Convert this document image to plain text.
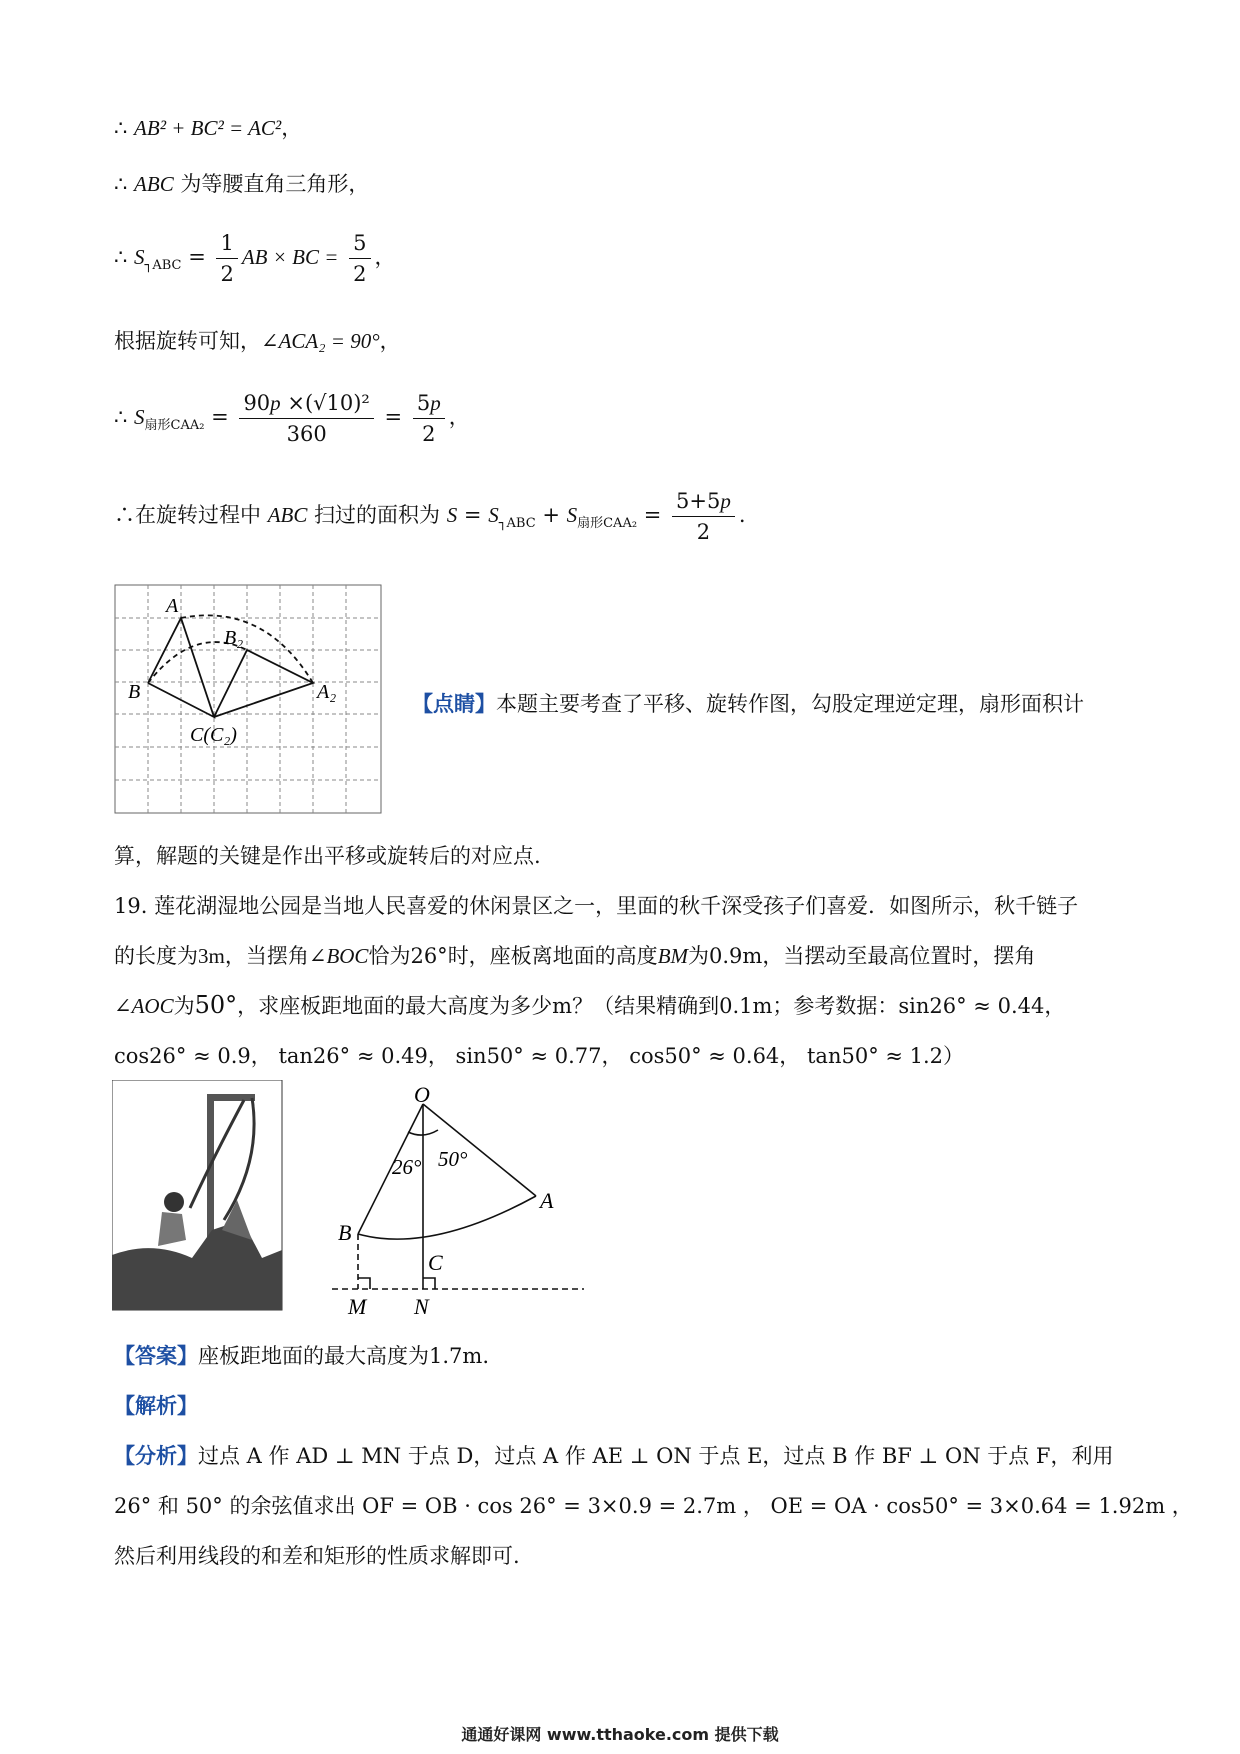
∴ AB² + BC² = AC²，
∴ ABC 为等腰直角三角形，
∴ $S_{┐ABC} = \frac{1}{2}$ AB × BC = $\frac{5}{2}$ ，
根据旋转可知，∠ACA₂ = 90°，
∴ $S_{扇形CAA_2} = \frac{\text{90p ×(√10)²}}{360} = \frac{5p}{2}$ ，
∴在旋转过程中 ABC 扫过的面积为 $S = S_{┐ABC} + S_{扇形CAA_2} = \frac{5+5p}{2}$ .
A
B₂
B	A₂
C(C₂)
【点睛】本题主要考查了平移、旋转作图，勾股定理逆定理，扇形面积计
算，解题的关键是作出平移或旋转后的对应点.
19. 莲花湖湿地公园是当地人民喜爱的休闲景区之一，里面的秋千深受孩子们喜爱．如图所示，秋千链子
的长度为3m，当摆角∠BOC恰为26°时，座板离地面的高度BM为0.9m，当摆动至最高位置时，摆角
∠AOC为50°，求座板距地面的最大高度为多少m？（结果精确到0.1m；参考数据：sin26° ≈ 0.44，
cos26° ≈ 0.9， tan26° ≈ 0.49， sin50° ≈ 0.77， cos50° ≈ 0.64， tan50° ≈ 1.2）
O
A
B
C
M N
26° 50°
【答案】座板距地面的最大高度为1.7m.
【解析】
【分析】过点 A 作 AD ⊥ MN 于点 D，过点 A 作 AE ⊥ ON 于点 E，过点 B 作 BF ⊥ ON 于点 F，利用
26° 和 50° 的余弦值求出 OF = OB · cos 26° = 3×0.9 = 2.7m ， OE = OA · cos50° = 3×0.64 = 1.92m ，
然后利用线段的和差和矩形的性质求解即可.
通通好课网 www.tthaoke.com 提供下载
